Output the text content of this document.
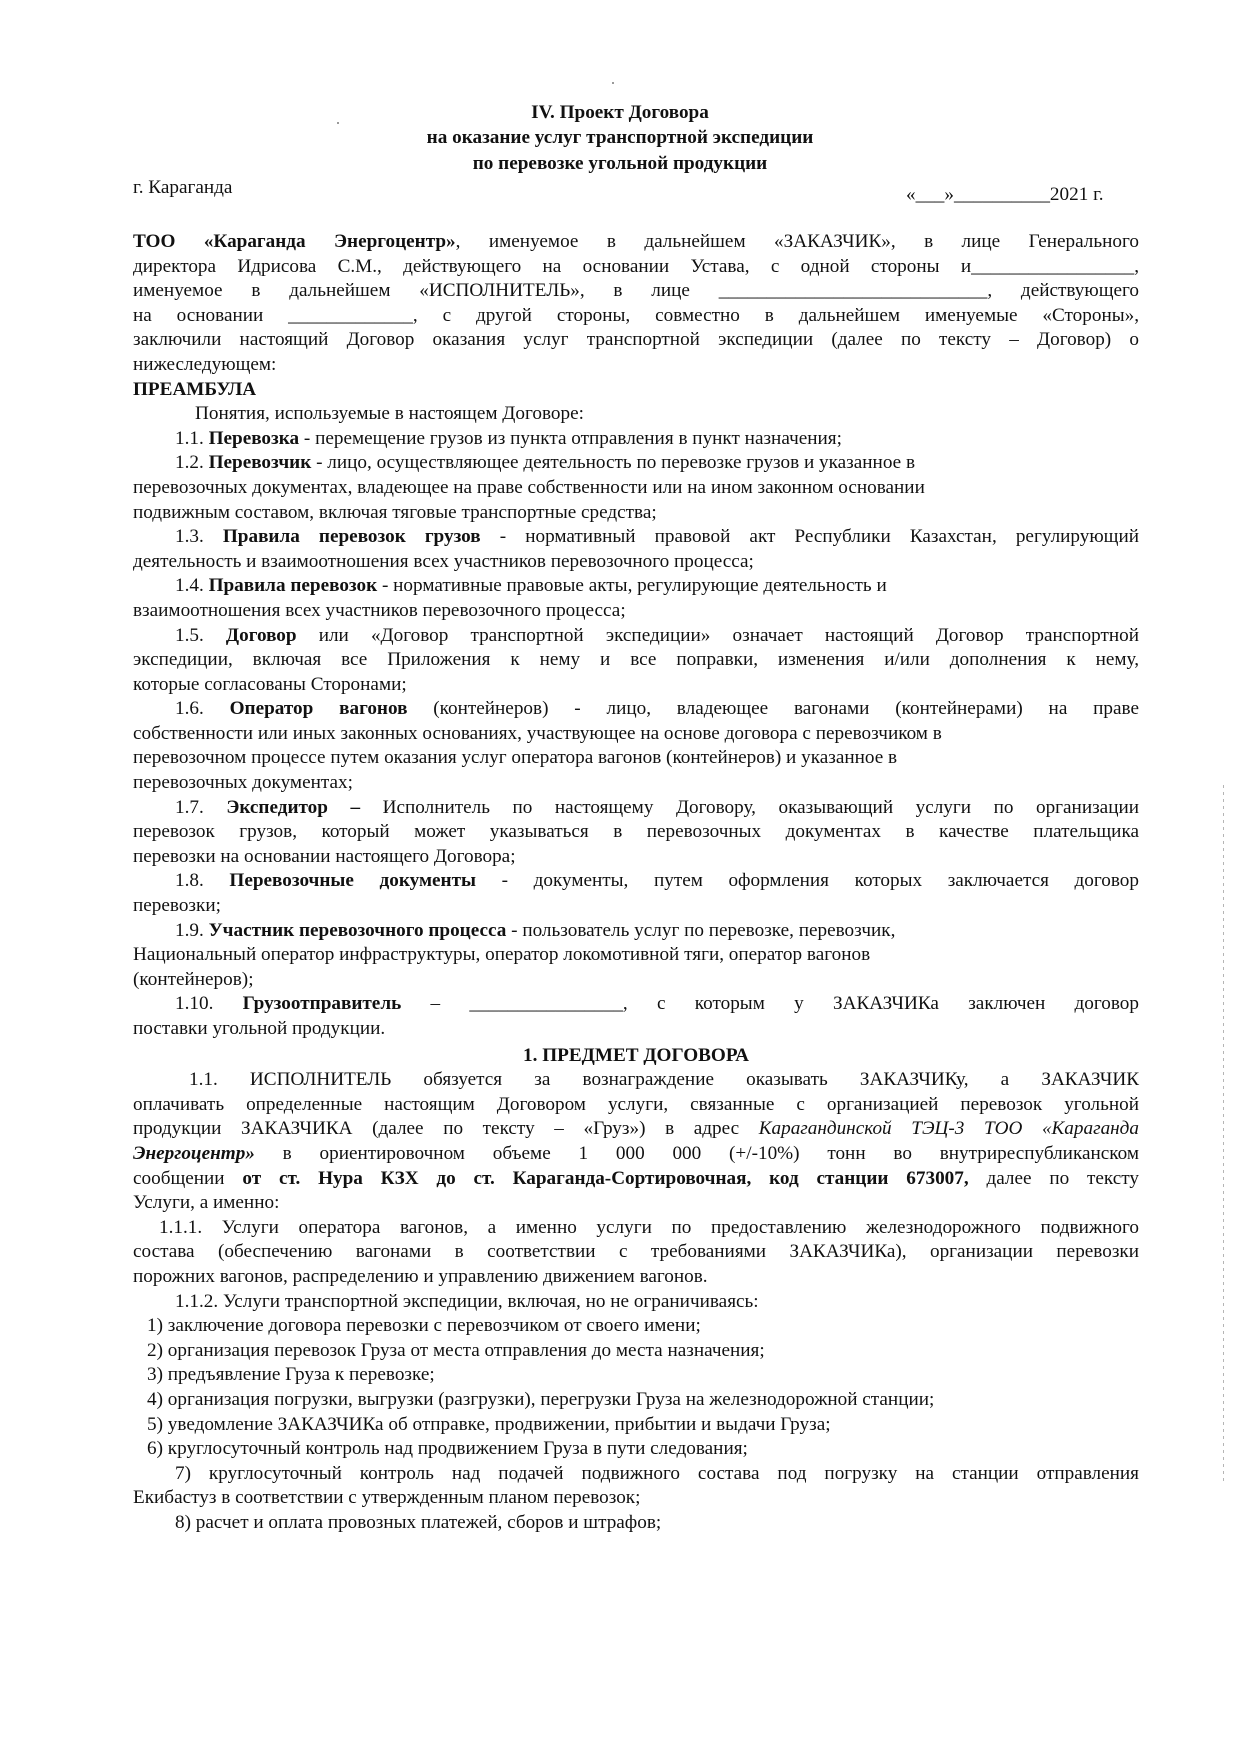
IV. Проект Договора
на оказание услуг транспортной экспедиции
по перевозке угольной продукции
г. Караганда	«___»__________2021 г.
ТОО «Караганда Энергоцентр», именуемое в дальнейшем «ЗАКАЗЧИК», в лице Генерального
директора Идрисова С.М., действующего на основании Устава, с одной стороны и_________________,
именуемое в дальнейшем «ИСПОЛНИТЕЛЬ», в лице ____________________________, действующего
на основании _____________, с другой стороны, совместно в дальнейшем именуемые «Стороны»,
заключили настоящий Договор оказания услуг транспортной экспедиции (далее по тексту – Договор) о
нижеследующем:
ПРЕАМБУЛА
Понятия, используемые в настоящем Договоре:
1.1. Перевозка - перемещение грузов из пункта отправления в пункт назначения;
1.2. Перевозчик - лицо, осуществляющее деятельность по перевозке грузов и указанное в
перевозочных документах, владеющее на праве собственности или на ином законном основании
подвижным составом, включая тяговые транспортные средства;
1.3. Правила перевозок грузов - нормативный правовой акт Республики Казахстан, регулирующий
деятельность и взаимоотношения всех участников перевозочного процесса;
1.4. Правила перевозок - нормативные правовые акты, регулирующие деятельность и
взаимоотношения всех участников перевозочного процесса;
1.5. Договор или «Договор транспортной экспедиции» означает настоящий Договор транспортной
экспедиции, включая все Приложения к нему и все поправки, изменения и/или дополнения к нему,
которые согласованы Сторонами;
1.6. Оператор вагонов (контейнеров) - лицо, владеющее вагонами (контейнерами) на праве
собственности или иных законных основаниях, участвующее на основе договора с перевозчиком в
перевозочном процессе путем оказания услуг оператора вагонов (контейнеров) и указанное в
перевозочных документах;
1.7. Экспедитор – Исполнитель по настоящему Договору, оказывающий услуги по организации
перевозок грузов, который может указываться в перевозочных документах в качестве плательщика
перевозки на основании настоящего Договора;
1.8. Перевозочные документы - документы, путем оформления которых заключается договор
перевозки;
1.9. Участник перевозочного процесса - пользователь услуг по перевозке, перевозчик,
Национальный оператор инфраструктуры, оператор локомотивной тяги, оператор вагонов
(контейнеров);
1.10. Грузоотправитель – ________________, с которым у ЗАКАЗЧИКа заключен договор
поставки угольной продукции.
1. ПРЕДМЕТ ДОГОВОРА
1.1. ИСПОЛНИТЕЛЬ обязуется за вознаграждение оказывать ЗАКАЗЧИКу, а ЗАКАЗЧИК
оплачивать определенные настоящим Договором услуги, связанные с организацией перевозок угольной
продукции ЗАКАЗЧИКА (далее по тексту – «Груз») в адрес Карагандинской ТЭЦ-3 ТОО «Караганда
Энергоцентр» в ориентировочном объеме 1 000 000 (+/-10%) тонн во внутриреспубликанском
сообщении от ст. Нура КЗХ до ст. Караганда-Сортировочная, код станции 673007, далее по тексту
Услуги, а именно:
1.1.1. Услуги оператора вагонов, а именно услуги по предоставлению железнодорожного подвижного
состава (обеспечению вагонами в соответствии с требованиями ЗАКАЗЧИКа), организации перевозки
порожних вагонов, распределению и управлению движением вагонов.
1.1.2. Услуги транспортной экспедиции, включая, но не ограничиваясь:
1) заключение договора перевозки с перевозчиком от своего имени;
2) организация перевозок Груза от места отправления до места назначения;
3) предъявление Груза к перевозке;
4) организация погрузки, выгрузки (разгрузки), перегрузки Груза на железнодорожной станции;
5) уведомление ЗАКАЗЧИКа об отправке, продвижении, прибытии и выдачи Груза;
6) круглосуточный контроль над продвижением Груза в пути следования;
7) круглосуточный контроль над подачей подвижного состава под погрузку на станции отправления
Екибастуз в соответствии с утвержденным планом перевозок;
8) расчет и оплата провозных платежей, сборов и штрафов;
